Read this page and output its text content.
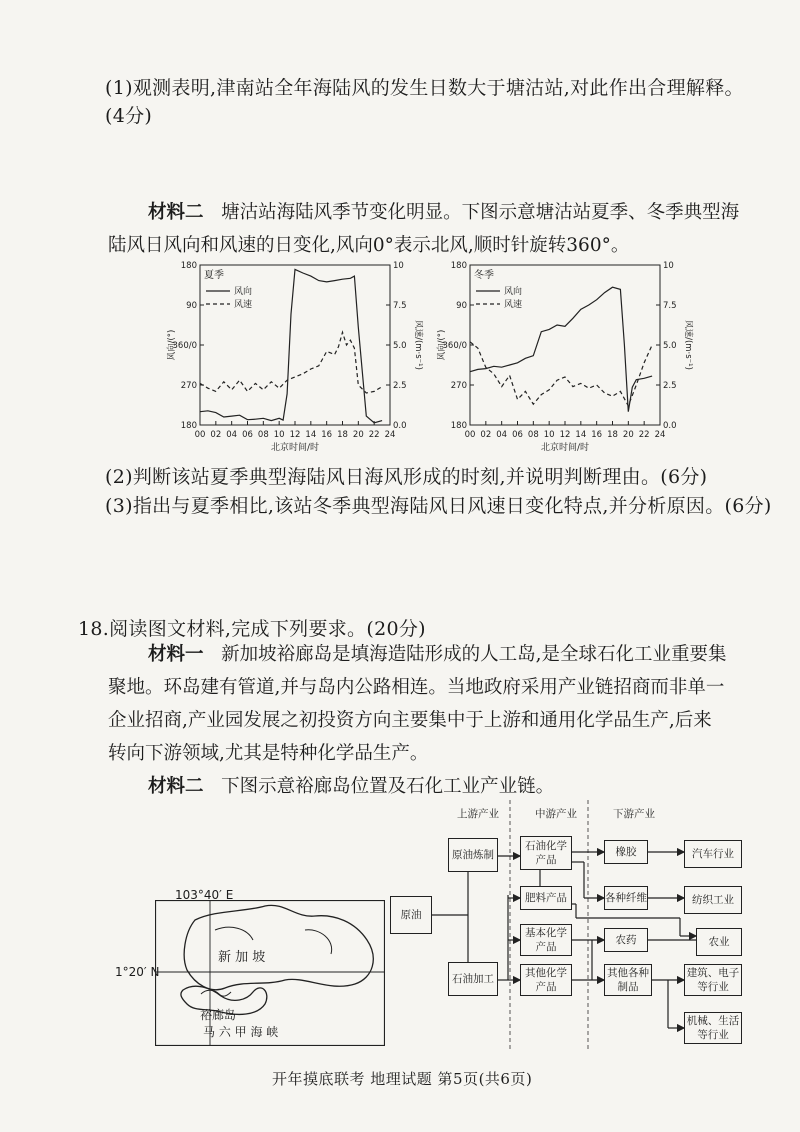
(1)观测表明,津南站全年海陆风的发生日数大于塘沽站,对此作出合理解释。
(4分)
材料二 塘沽站海陆风季节变化明显。下图示意塘沽站夏季、冬季典型海
陆风日风向和风速的日变化,风向0°表示北风,顺时针旋转360°。
00 02 04 06 08 10 12 14 16 18 20 22 24
180
90
360/0
270
180
10
7.5
5.0
2.5
0.0
北京时间/时
风向/(°)	风速/(m·s⁻¹)
夏季
风向
风速
00 02 04 06 08 10 12 14 16 18 20 22 24
180
90
360/0
270
180
10
7.5
5.0
2.5
0.0
北京时间/时
风向/(°)	风速/(m·s⁻¹)
冬季
风向
风速
(2)判断该站夏季典型海陆风日海风形成的时刻,并说明判断理由。(6分)
(3)指出与夏季相比,该站冬季典型海陆风日风速日变化特点,并分析原因。(6分)
18.阅读图文材料,完成下列要求。(20分)
材料一 新加坡裕廊岛是填海造陆形成的人工岛,是全球石化工业重要集
聚地。环岛建有管道,并与岛内公路相连。当地政府采用产业链招商而非单一
企业招商,产业园发展之初投资方向主要集中于上游和通用化学品生产,后来
转向下游领域,尤其是特种化学品生产。
材料二 下图示意裕廊岛位置及石化工业产业链。
103°40′ E
1°20′ N
新 加 坡
裕廊岛
马 六 甲 海 峡
上游产业	中游产业	下游产业
原油
原油炼制
石油加工
石油化学产品
肥料产品
基本化学产品
其他化学产品
橡胶
各种纤维
农药
其他各种制品
汽车行业
纺织工业
农业
建筑、电子等行业
机械、生活等行业
开年摸底联考 地理试题 第5页(共6页)
